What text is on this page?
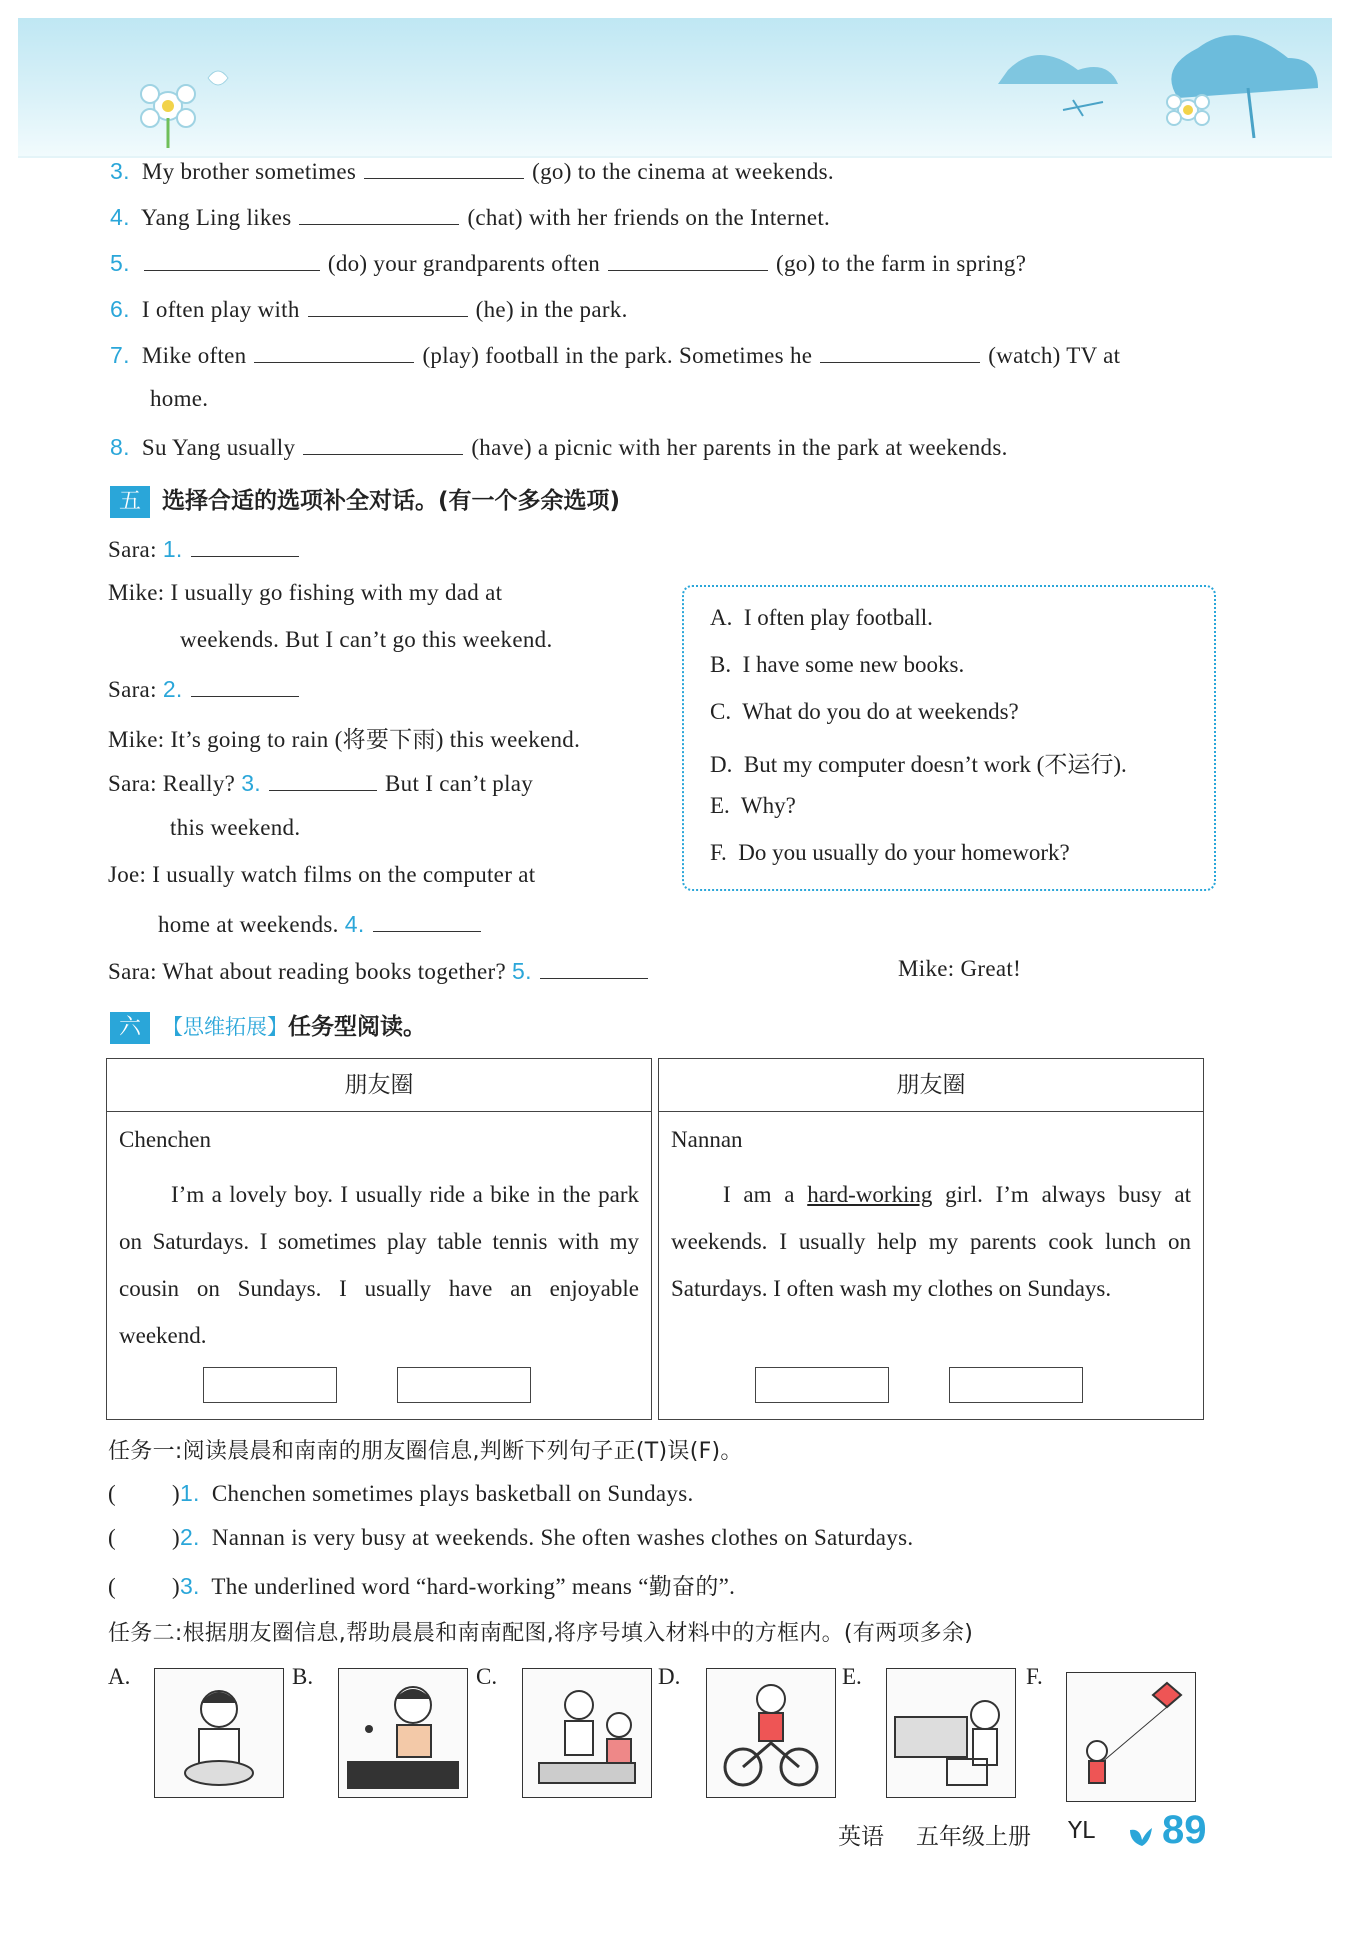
3. My brother sometimes	(go) to the cinema at weekends.
4. Yang Ling likes	(chat) with her friends on the Internet.
5.	(do) your grandparents often	(go) to the farm in spring?
6. I often play with	(he) in the park.
7. Mike often	(play) football in the park. Sometimes he	(watch) TV at
home.
8. Su Yang usually	(have) a picnic with her parents in the park at weekends.
五 选择合适的选项补全对话。(有一个多余选项)
Sara: 1.
Mike: I usually go fishing with my dad at
weekends. But I can’t go this weekend.
Sara: 2.
Mike: It’s going to rain (将要下雨) this weekend.
Sara: Really? 3.	But I can’t play
this weekend.
Joe: I usually watch films on the computer at
home at weekends. 4.
Sara: What about reading books together? 5.	Mike: Great!
A. I often play football.
B. I have some new books.
C. What do you do at weekends?
D. But my computer doesn’t work (不运行).
E. Why?
F. Do you usually do your homework?
六 【思维拓展】任务型阅读。
朋友圈
Chenchen
I’m a lovely boy. I usually ride a bike in the park on Saturdays. I sometimes play table tennis with my cousin on Sundays. I usually have an enjoyable weekend.
朋友圈
Nannan
I am a hard-working girl. I’m always busy at weekends. I usually help my parents cook lunch on Saturdays. I often wash my clothes on Sundays.
任务一:阅读晨晨和南南的朋友圈信息,判断下列句子正(T)误(F)。
( )1. Chenchen sometimes plays basketball on Sundays.
( )2. Nannan is very busy at weekends. She often washes clothes on Saturdays.
( )3. The underlined word “hard-working” means “勤奋的”.
任务二:根据朋友圈信息,帮助晨晨和南南配图,将序号填入材料中的方框内。(有两项多余)
A.	B.	C.	D.	E.	F.
英语 五年级上册 YL 89
